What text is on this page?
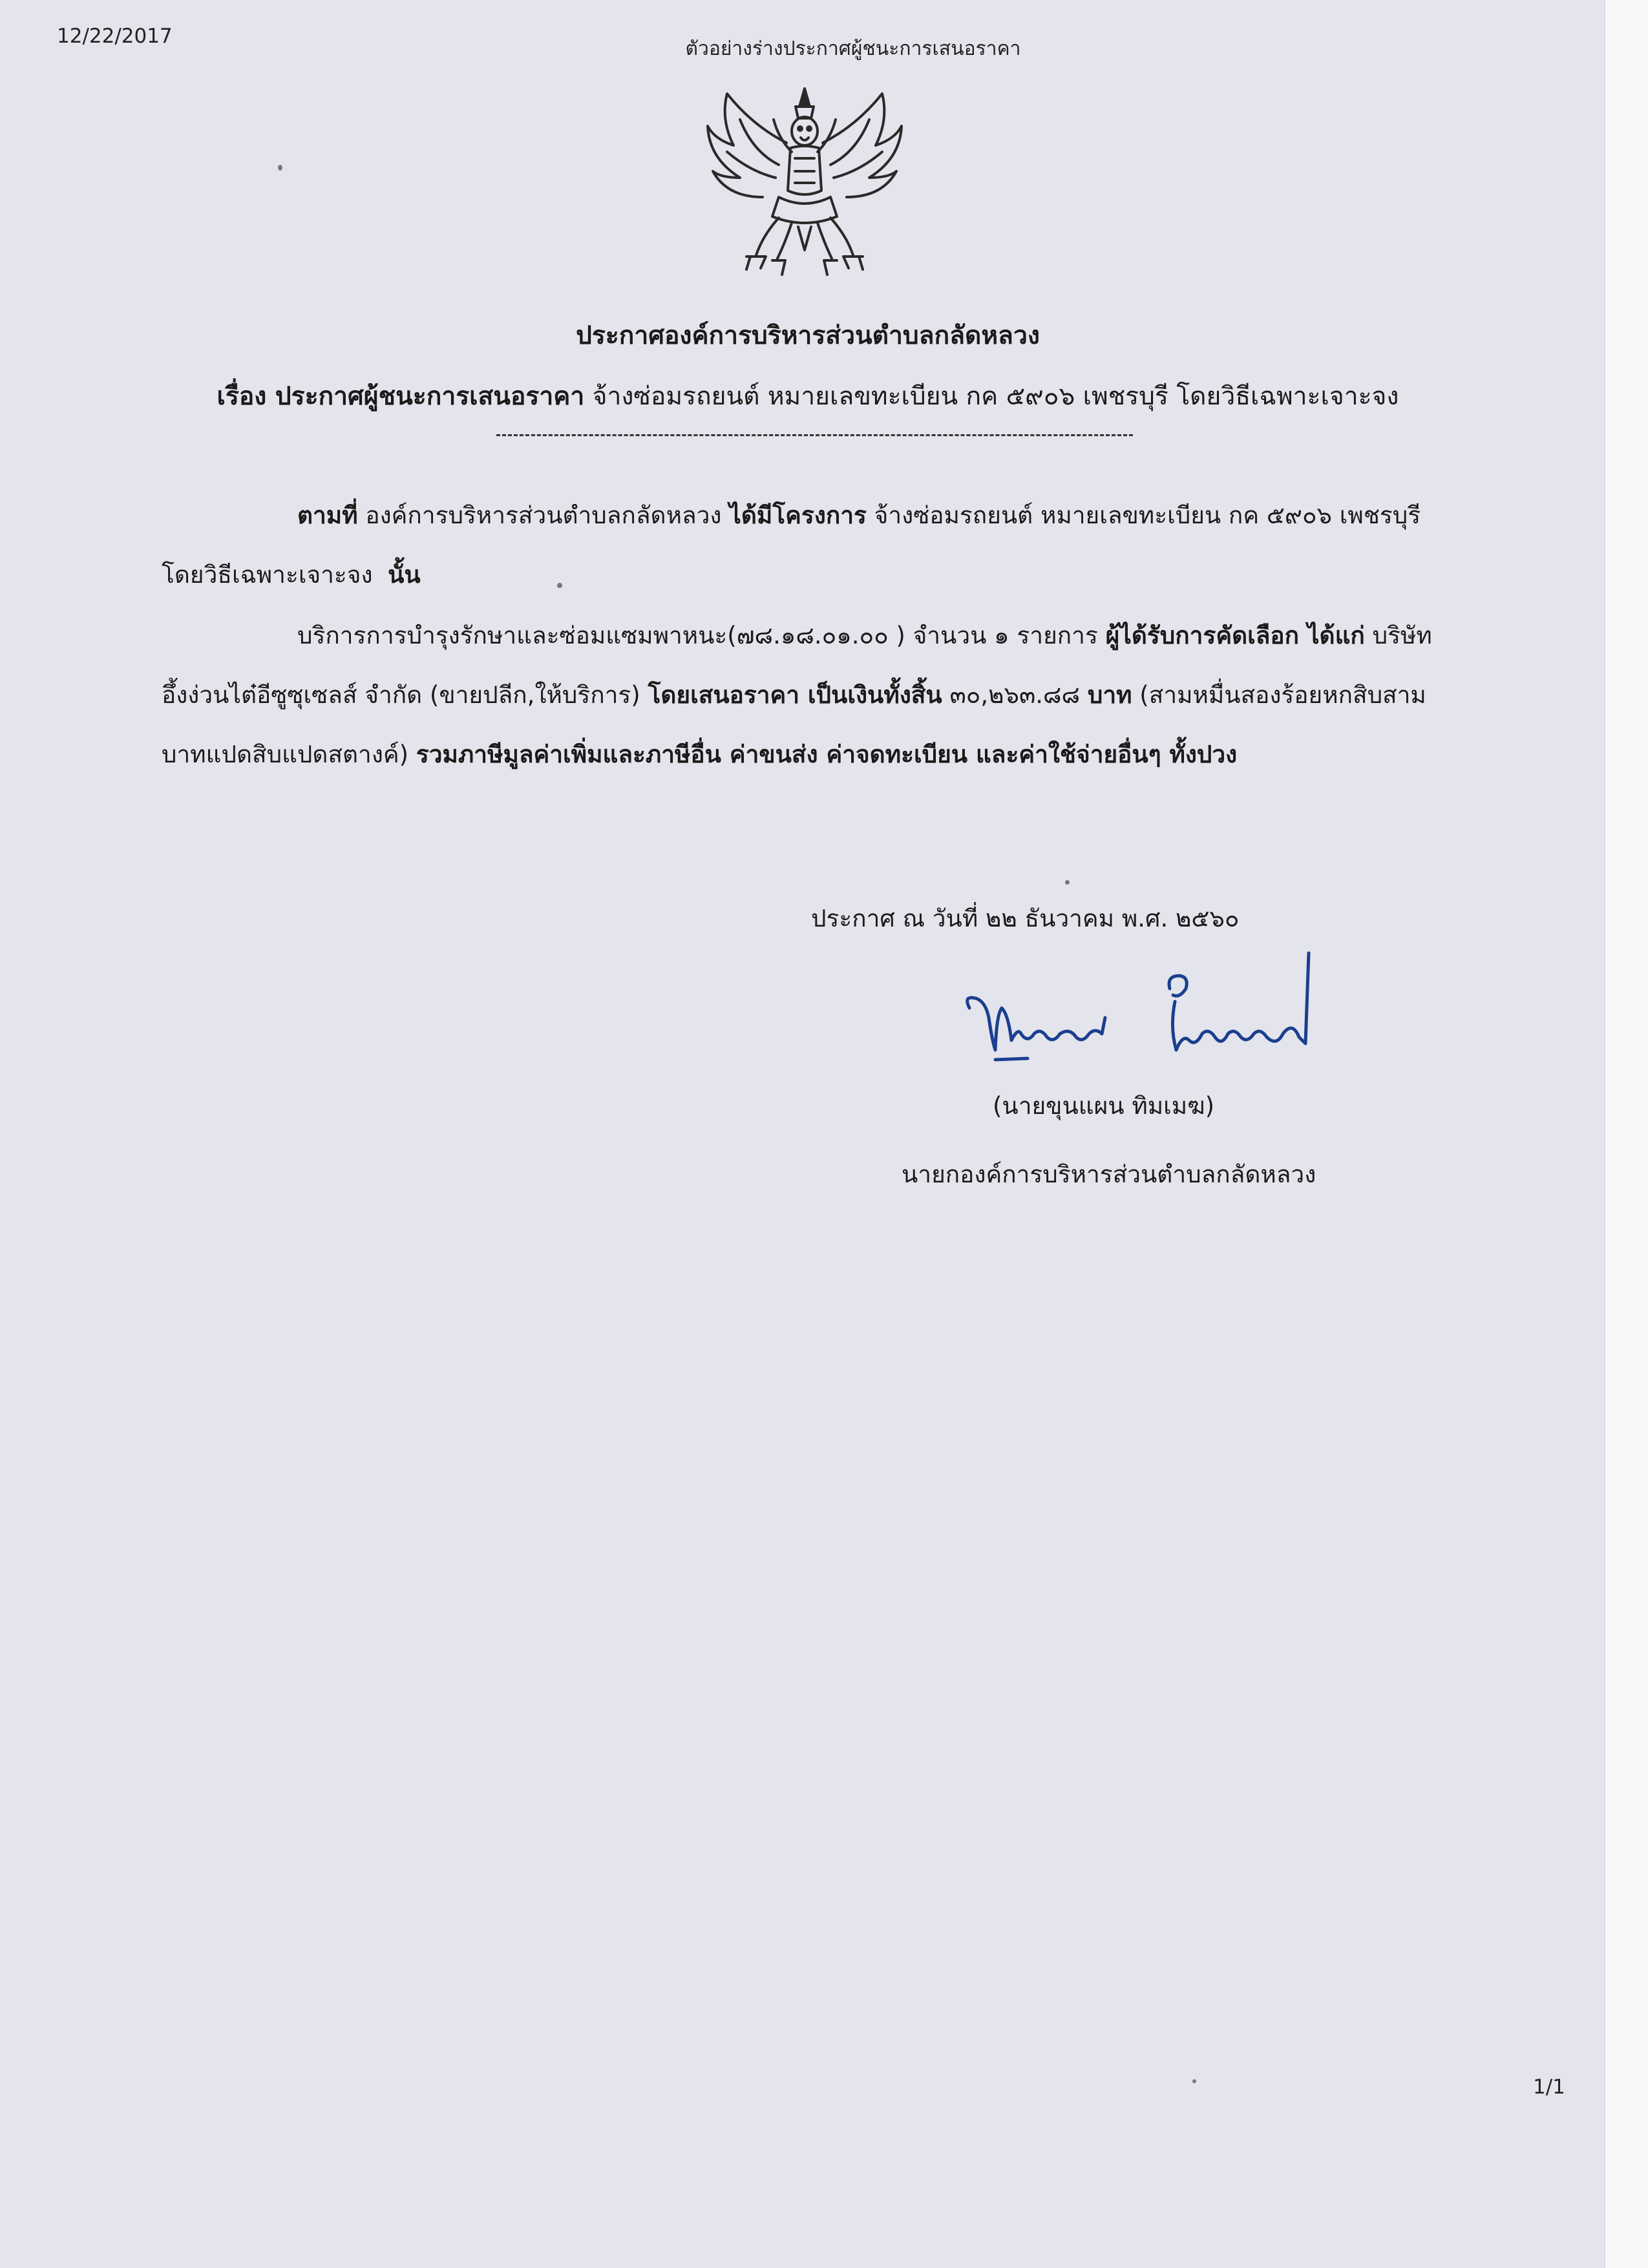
12/22/2017
ตัวอย่างร่างประกาศผู้ชนะการเสนอราคา
ประกาศองค์การบริหารส่วนตำบลกลัดหลวง
เรื่อง ประกาศผู้ชนะการเสนอราคา จ้างซ่อมรถยนต์ หมายเลขทะเบียน กค ๕๙๐๖ เพชรบุรี โดยวิธีเฉพาะเจาะจง
ตามที่ องค์การบริหารส่วนตำบลกลัดหลวง ได้มีโครงการ จ้างซ่อมรถยนต์ หมายเลขทะเบียน กค ๕๙๐๖ เพชรบุรี โดยวิธีเฉพาะเจาะจง นั้น
บริการการบำรุงรักษาและซ่อมแซมพาหนะ(๗๘.๑๘.๐๑.๐๐ ) จำนวน ๑ รายการ ผู้ได้รับการคัดเลือก ได้แก่ บริษัท อึ้งง่วนไต๋อีซูซุเซลส์ จำกัด (ขายปลีก,ให้บริการ) โดยเสนอราคา เป็นเงินทั้งสิ้น ๓๐,๒๖๓.๘๘ บาท (สามหมื่นสองร้อยหกสิบสามบาทแปดสิบแปดสตางค์) รวมภาษีมูลค่าเพิ่มและภาษีอื่น ค่าขนส่ง ค่าจดทะเบียน และค่าใช้จ่ายอื่นๆ ทั้งปวง
ประกาศ ณ วันที่ ๒๒ ธันวาคม พ.ศ. ๒๕๖๐
(นายขุนแผน ทิมเมฆ)
นายกองค์การบริหารส่วนตำบลกลัดหลวง
1/1
